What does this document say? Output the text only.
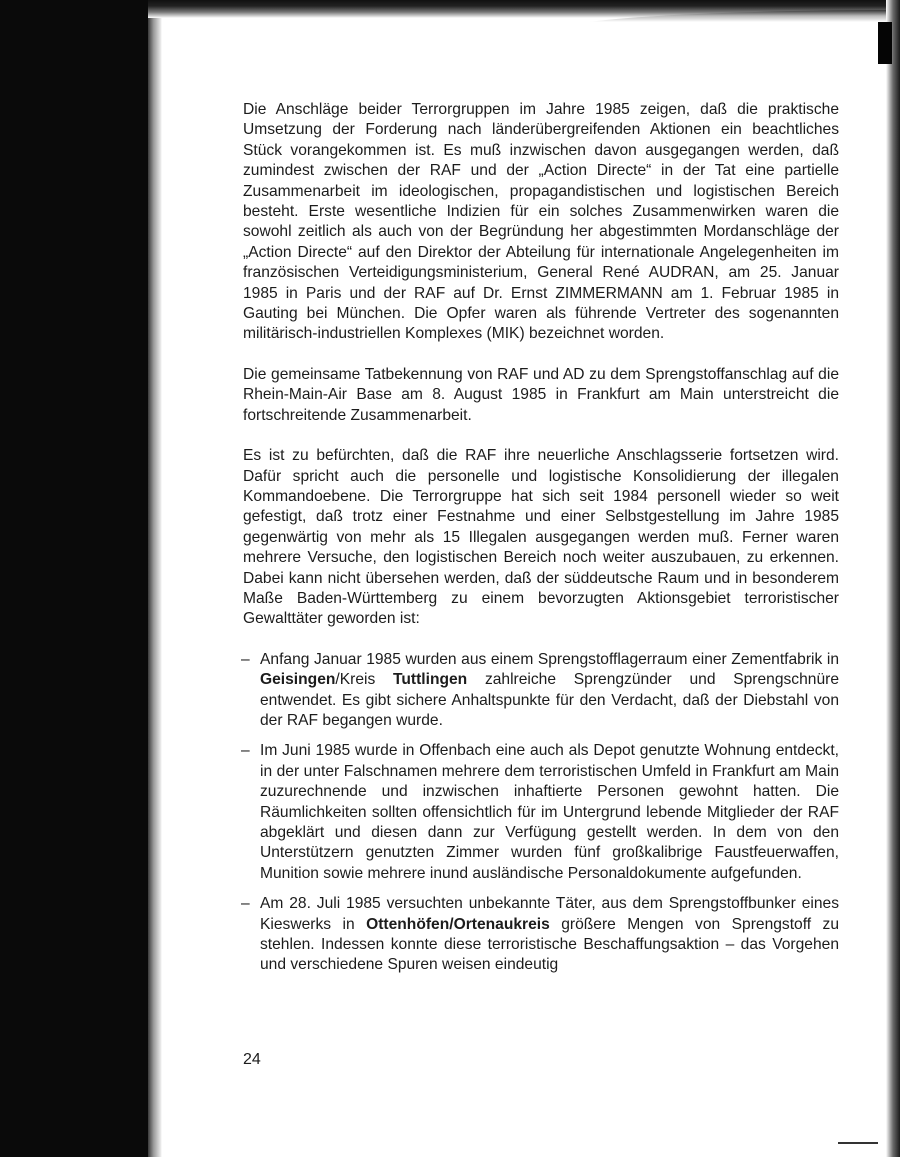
Die Anschläge beider Terrorgruppen im Jahre 1985 zeigen, daß die praktische Umsetzung der Forderung nach länderübergreifenden Aktionen ein beachtliches Stück vorangekommen ist. Es muß inzwischen davon ausgegangen werden, daß zumindest zwischen der RAF und der „Action Directe“ in der Tat eine partielle Zusammenarbeit im ideologischen, propagandistischen und logistischen Bereich besteht. Erste wesentliche Indizien für ein solches Zusammenwirken waren die sowohl zeitlich als auch von der Begründung her abgestimmten Mordanschläge der „Action Directe“ auf den Direktor der Abteilung für internationale Angelegenheiten im französischen Verteidigungsministerium, General René AUDRAN, am 25. Januar 1985 in Paris und der RAF auf Dr. Ernst ZIMMERMANN am 1. Februar 1985 in Gauting bei München. Die Opfer waren als führende Vertreter des sogenannten militärisch-industriellen Komplexes (MIK) bezeichnet worden.

Die gemeinsame Tatbekennung von RAF und AD zu dem Sprengstoffanschlag auf die Rhein-Main-Air Base am 8. August 1985 in Frankfurt am Main unterstreicht die fortschreitende Zusammenarbeit.

Es ist zu befürchten, daß die RAF ihre neuerliche Anschlagsserie fortsetzen wird. Dafür spricht auch die personelle und logistische Konsolidierung der illegalen Kommandoebene. Die Terrorgruppe hat sich seit 1984 personell wieder so weit gefestigt, daß trotz einer Festnahme und einer Selbstgestellung im Jahre 1985 gegenwärtig von mehr als 15 Illegalen ausgegangen werden muß. Ferner waren mehrere Versuche, den logistischen Bereich noch weiter auszubauen, zu erkennen. Dabei kann nicht übersehen werden, daß der süddeutsche Raum und in besonderem Maße Baden-Württemberg zu einem bevorzugten Aktionsgebiet terroristischer Gewalttäter geworden ist:

– Anfang Januar 1985 wurden aus einem Sprengstofflagerraum einer Zementfabrik in Geisingen/Kreis Tuttlingen zahlreiche Sprengzünder und Sprengschnüre entwendet. Es gibt sichere Anhaltspunkte für den Verdacht, daß der Diebstahl von der RAF begangen wurde.
– Im Juni 1985 wurde in Offenbach eine auch als Depot genutzte Wohnung entdeckt, in der unter Falschnamen mehrere dem terroristischen Umfeld in Frankfurt am Main zuzurechnende und inzwischen inhaftierte Personen gewohnt hatten. Die Räumlichkeiten sollten offensichtlich für im Untergrund lebende Mitglieder der RAF abgeklärt und diesen dann zur Verfügung gestellt werden. In dem von den Unterstützern genutzten Zimmer wurden fünf großkalibrige Faustfeuerwaffen, Munition sowie mehrere inund ausländische Personaldokumente aufgefunden.
– Am 28. Juli 1985 versuchten unbekannte Täter, aus dem Sprengstoffbunker eines Kieswerks in Ottenhöfen/Ortenaukreis größere Mengen von Sprengstoff zu stehlen. Indessen konnte diese terroristische Beschaffungsaktion – das Vorgehen und verschiedene Spuren weisen eindeutig
24
